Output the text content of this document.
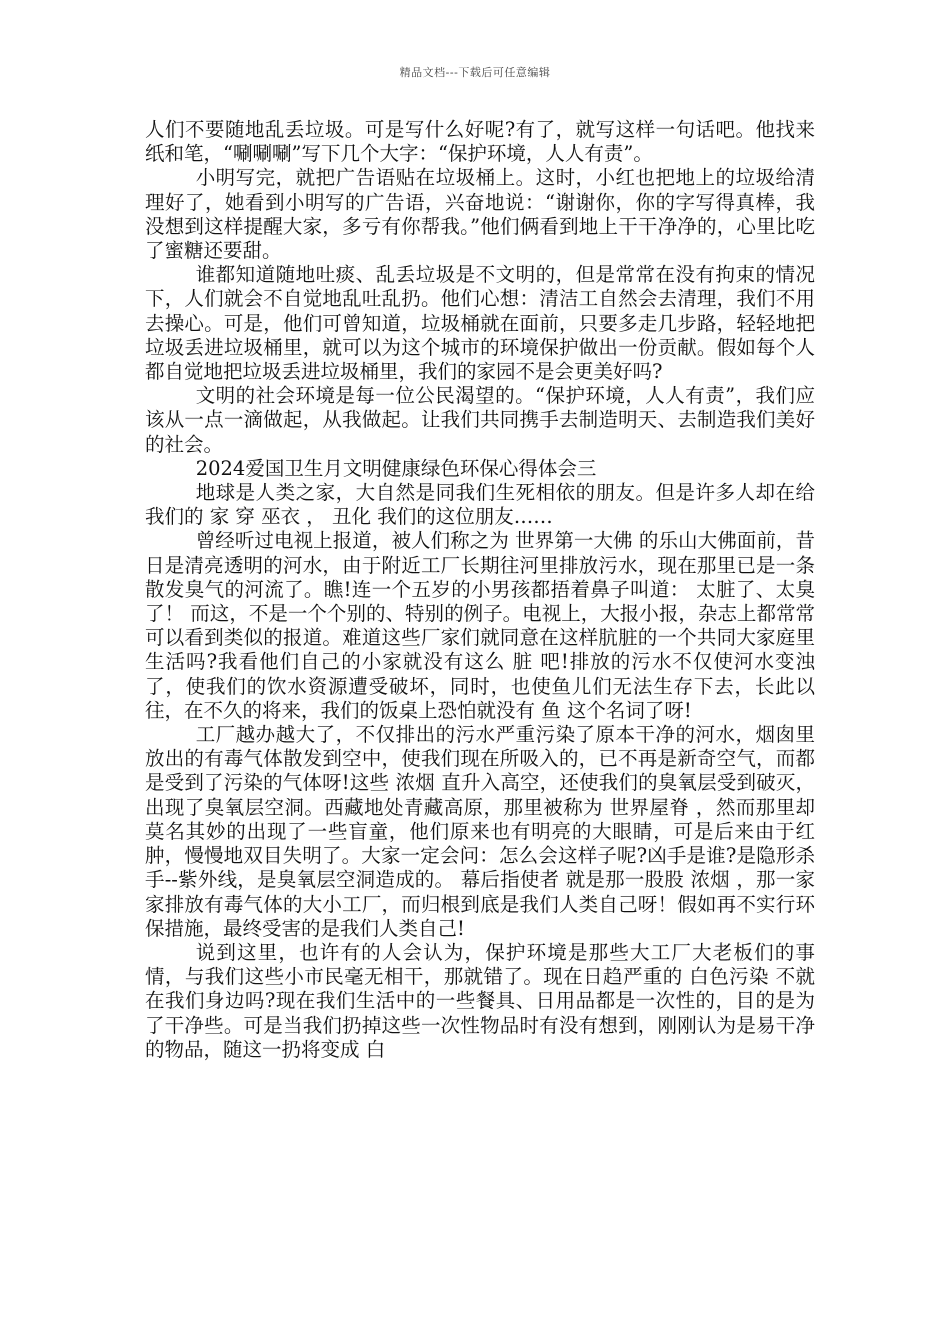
精品文档---下载后可任意编辑

人们不要随地乱丢垃圾。可是写什么好呢?有了，就写这样一句话吧。他找来纸和笔，“唰唰唰”写下几个大字：“保护环境，人人有责”。

小明写完，就把广告语贴在垃圾桶上。这时，小红也把地上的垃圾给清理好了，她看到小明写的广告语，兴奋地说：“谢谢你，你的字写得真棒，我没想到这样提醒大家，多亏有你帮我。”他们俩看到地上干干净净的，心里比吃了蜜糖还要甜。

谁都知道随地吐痰、乱丢垃圾是不文明的，但是常常在没有拘束的情况下，人们就会不自觉地乱吐乱扔。他们心想：清洁工自然会去清理，我们不用去操心。可是，他们可曾知道，垃圾桶就在面前，只要多走几步路，轻轻地把垃圾丢进垃圾桶里，就可以为这个城市的环境保护做出一份贡献。假如每个人都自觉地把垃圾丢进垃圾桶里，我们的家园不是会更美好吗?

文明的社会环境是每一位公民渴望的。“保护环境，人人有责”，我们应该从一点一滴做起，从我做起。让我们共同携手去制造明天、去制造我们美好的社会。

2024爱国卫生月文明健康绿色环保心得体会三

地球是人类之家，大自然是同我们生死相依的朋友。但是许多人却在给我们的 家 穿 巫衣 ， 丑化 我们的这位朋友……

曾经听过电视上报道，被人们称之为 世界第一大佛 的乐山大佛面前，昔日是清亮透明的河水，由于附近工厂长期往河里排放污水，现在那里已是一条散发臭气的河流了。瞧!连一个五岁的小男孩都捂着鼻子叫道： 太脏了、太臭了！ 而这，不是一个个别的、特别的例子。电视上，大报小报，杂志上都常常可以看到类似的报道。难道这些厂家们就同意在这样肮脏的一个共同大家庭里生活吗?我看他们自己的小家就没有这么 脏 吧!排放的污水不仅使河水变浊了，使我们的饮水资源遭受破坏，同时，也使鱼儿们无法生存下去，长此以往，在不久的将来，我们的饭桌上恐怕就没有 鱼 这个名词了呀!

工厂越办越大了，不仅排出的污水严重污染了原本干净的河水，烟囱里放出的有毒气体散发到空中，使我们现在所吸入的，已不再是新奇空气，而都是受到了污染的气体呀!这些 浓烟 直升入高空，还使我们的臭氧层受到破灭，出现了臭氧层空洞。西藏地处青藏高原，那里被称为 世界屋脊 ，然而那里却莫名其妙的出现了一些盲童，他们原来也有明亮的大眼睛，可是后来由于红肿，慢慢地双目失明了。大家一定会问：怎么会这样子呢?凶手是谁?是隐形杀手--紫外线，是臭氧层空洞造成的。 幕后指使者 就是那一股股 浓烟 ，那一家家排放有毒气体的大小工厂，而归根到底是我们人类自己呀！假如再不实行环保措施，最终受害的是我们人类自己!

说到这里，也许有的人会认为，保护环境是那些大工厂大老板们的事情，与我们这些小市民毫无相干，那就错了。现在日趋严重的 白色污染 不就在我们身边吗?现在我们生活中的一些餐具、日用品都是一次性的，目的是为了干净些。可是当我们扔掉这些一次性物品时有没有想到，刚刚认为是易干净的物品，随这一扔将变成 白
